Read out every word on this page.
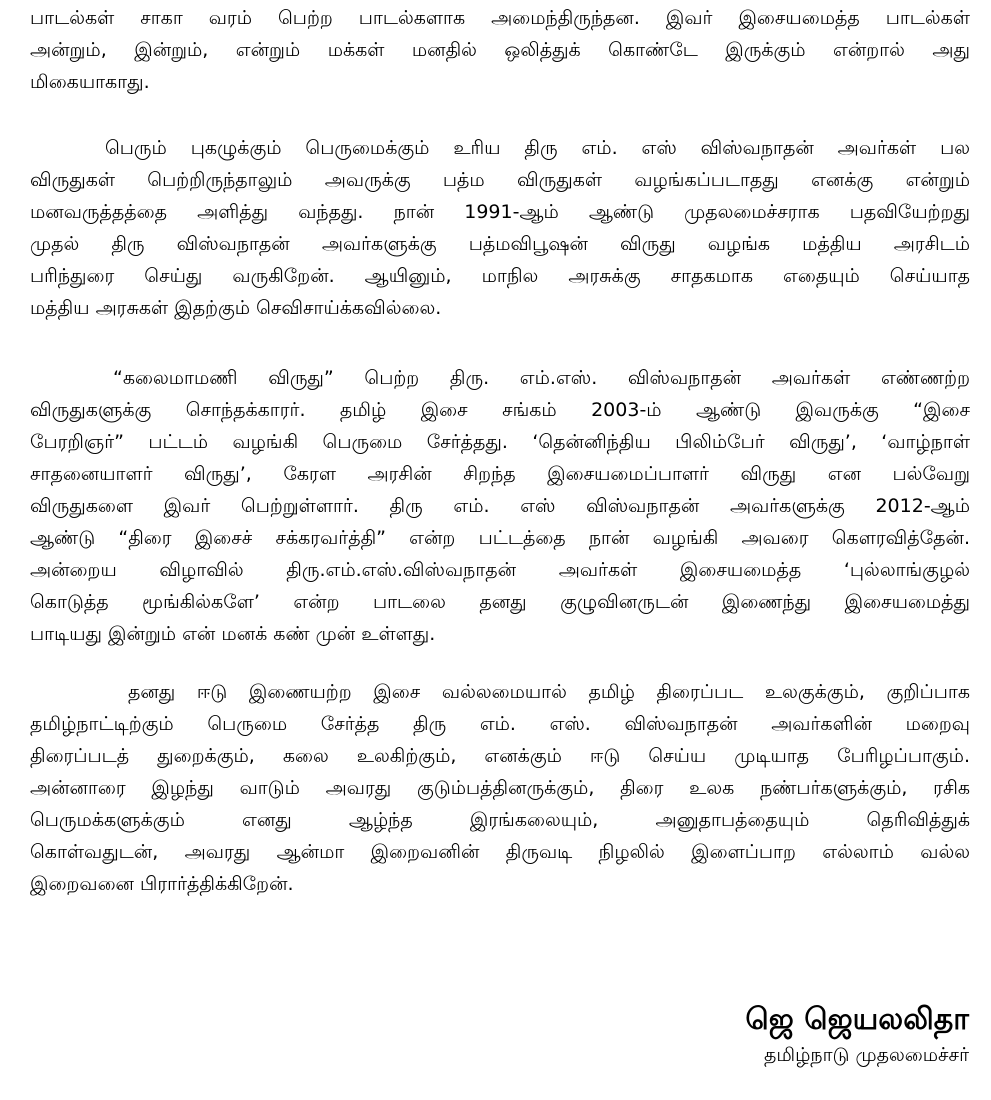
பாடல்கள் சாகா வரம் பெற்ற பாடல்களாக அமைந்திருந்தன. இவர் இசையமைத்த பாடல்கள்
அன்றும், இன்றும், என்றும் மக்கள் மனதில் ஒலித்துக் கொண்டே இருக்கும் என்றால் அது
மிகையாகாது.
பெரும் புகழுக்கும் பெருமைக்கும் உரிய திரு எம். எஸ் விஸ்வநாதன் அவர்கள் பல
விருதுகள் பெற்றிருந்தாலும் அவருக்கு பத்ம விருதுகள் வழங்கப்படாதது எனக்கு என்றும்
மனவருத்தத்தை அளித்து வந்தது. நான் 1991-ஆம் ஆண்டு முதலமைச்சராக பதவியேற்றது
முதல் திரு விஸ்வநாதன் அவர்களுக்கு பத்மவிபூஷன் விருது வழங்க மத்திய அரசிடம்
பரிந்துரை செய்து வருகிறேன். ஆயினும், மாநில அரசுக்கு சாதகமாக எதையும் செய்யாத
மத்திய அரசுகள் இதற்கும் செவிசாய்க்கவில்லை.
“கலைமாமணி விருது” பெற்ற திரு. எம்.எஸ். விஸ்வநாதன் அவர்கள் எண்ணற்ற
விருதுகளுக்கு சொந்தக்காரர். தமிழ் இசை சங்கம் 2003-ம் ஆண்டு இவருக்கு “இசை
பேரறிஞர்” பட்டம் வழங்கி பெருமை சேர்த்தது. ‘தென்னிந்திய பிலிம்பேர் விருது’, ‘வாழ்நாள்
சாதனையாளர் விருது’, கேரள அரசின் சிறந்த இசையமைப்பாளர் விருது என பல்வேறு
விருதுகளை இவர் பெற்றுள்ளார். திரு எம். எஸ் விஸ்வநாதன் அவர்களுக்கு 2012-ஆம்
ஆண்டு “திரை இசைச் சக்கரவர்த்தி” என்ற பட்டத்தை நான் வழங்கி அவரை கௌரவித்தேன்.
அன்றைய விழாவில் திரு.எம்.எஸ்.விஸ்வநாதன் அவர்கள் இசையமைத்த ‘புல்லாங்குழல்
கொடுத்த மூங்கில்களே’ என்ற பாடலை தனது குழுவினருடன் இணைந்து இசையமைத்து
பாடியது இன்றும் என் மனக் கண் முன் உள்ளது.
தனது ஈடு இணையற்ற இசை வல்லமையால் தமிழ் திரைப்பட உலகுக்கும், குறிப்பாக
தமிழ்நாட்டிற்கும் பெருமை சேர்த்த திரு எம். எஸ். விஸ்வநாதன் அவர்களின் மறைவு
திரைப்படத் துறைக்கும், கலை உலகிற்கும், எனக்கும் ஈடு செய்ய முடியாத பேரிழப்பாகும்.
அன்னாரை இழந்து வாடும் அவரது குடும்பத்தினருக்கும், திரை உலக நண்பர்களுக்கும், ரசிக
பெருமக்களுக்கும் எனது ஆழ்ந்த இரங்கலையும், அனுதாபத்தையும் தெரிவித்துக்
கொள்வதுடன், அவரது ஆன்மா இறைவனின் திருவடி நிழலில் இளைப்பாற எல்லாம் வல்ல
இறைவனை பிரார்த்திக்கிறேன்.
ஜெ ஜெயலலிதா
தமிழ்நாடு முதலமைச்சர்
